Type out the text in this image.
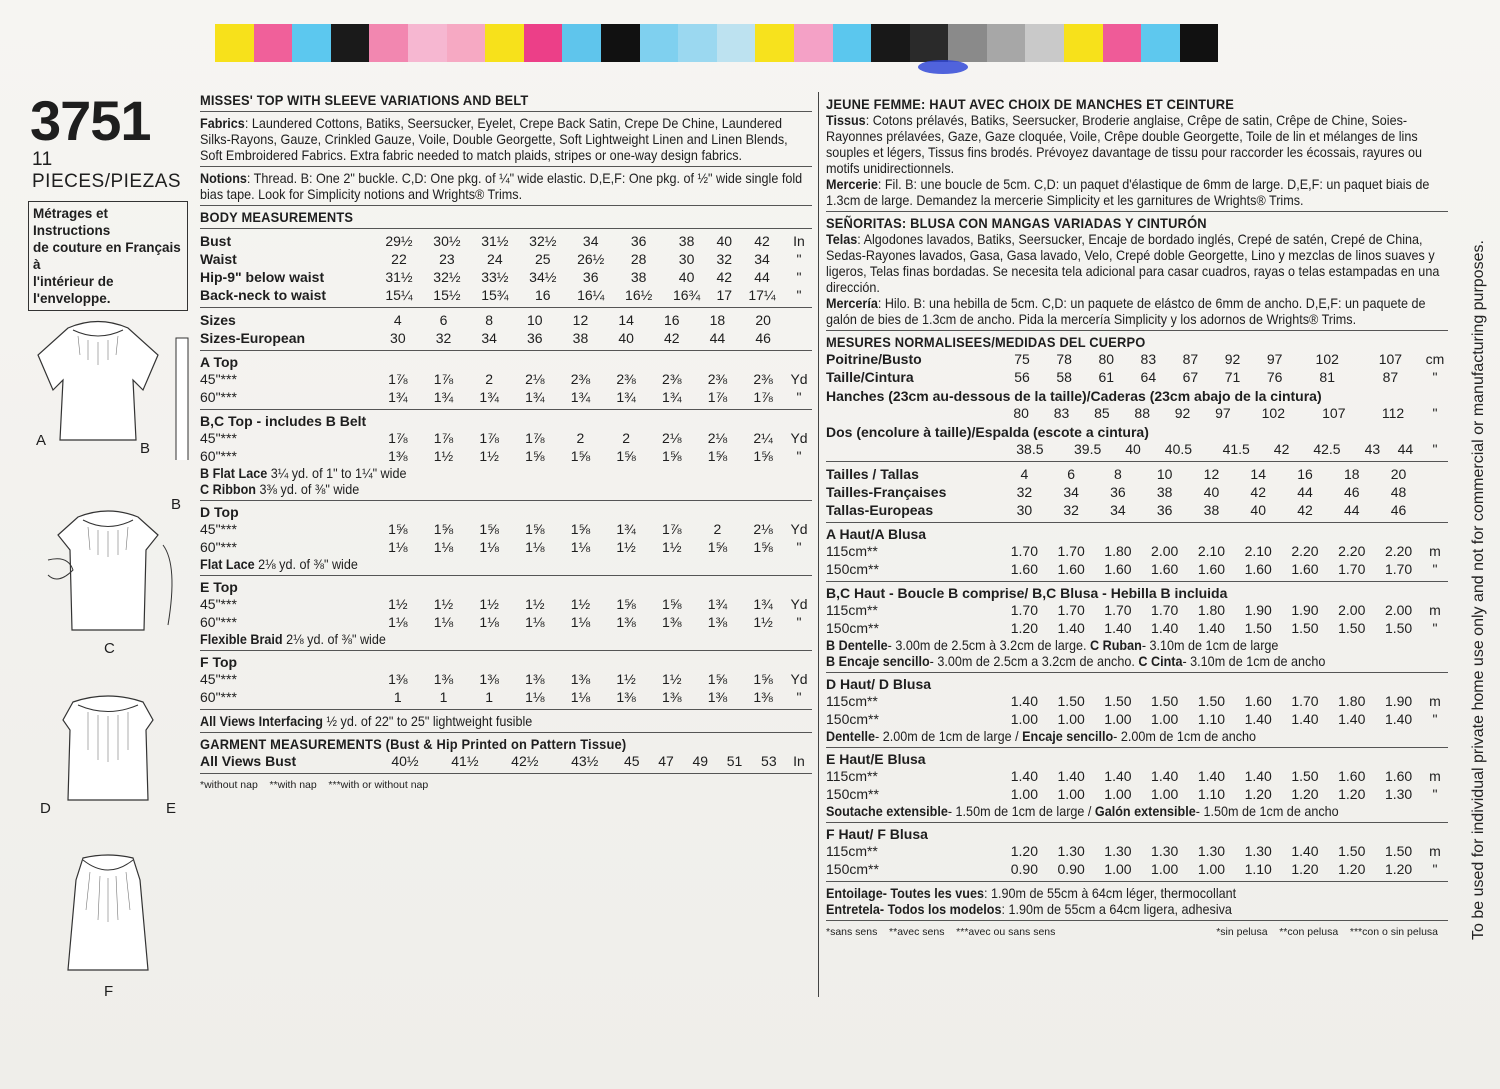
3751
11 PIECES/PIEZAS
Métrages et Instructions
de couture en Français à
l'intérieur de
l'enveloppe.
A	B
B
C
D	E
F
MISSES' TOP WITH SLEEVE VARIATIONS AND BELT
Fabrics: Laundered Cottons, Batiks, Seersucker, Eyelet, Crepe Back Satin, Crepe De Chine, Laundered Silks-Rayons, Gauze, Crinkled Gauze, Voile, Double Georgette, Soft Lightweight Linen and Linen Blends, Soft Embroidered Fabrics. Extra fabric needed to match plaids, stripes or one-way design fabrics.
Notions: Thread. B: One 2" buckle. C,D: One pkg. of ¼" wide elastic. D,E,F: One pkg. of ½" wide single fold bias tape. Look for Simplicity notions and Wrights® Trims.
BODY MEASUREMENTS
Bust	29½	30½	31½	32½	34	36	38	40	42	In
Waist	22	23	24	25	26½	28	30	32	34	"
Hip-9" below waist	31½	32½	33½	34½	36	38	40	42	44	"
Back-neck to waist	15¼	15½	15¾	16	16¼	16½	16¾	17	17¼	"
Sizes	4	6	8	10	12	14	16	18	20	
Sizes-European	30	32	34	36	38	40	42	44	46	
A Top
45"***	1⅞	1⅞	2	2⅛	2⅜	2⅜	2⅜	2⅜	2⅜	Yd
60"***	1¾	1¾	1¾	1¾	1¾	1¾	1¾	1⅞	1⅞	"
B,C Top - includes B Belt
45"***	1⅞	1⅞	1⅞	1⅞	2	2	2⅛	2⅛	2¼	Yd
60"***	1⅜	1½	1½	1⅝	1⅝	1⅝	1⅝	1⅝	1⅝	"
B Flat Lace 3¼ yd. of 1" to 1¼" wide
C Ribbon 3⅜ yd. of ⅜" wide
D Top
45"***	1⅝	1⅝	1⅝	1⅝	1⅝	1¾	1⅞	2	2⅛	Yd
60"***	1⅛	1⅛	1⅛	1⅛	1⅛	1½	1½	1⅝	1⅝	"
Flat Lace 2⅛ yd. of ⅜" wide
E Top
45"***	1½	1½	1½	1½	1½	1⅝	1⅝	1¾	1¾	Yd
60"***	1⅛	1⅛	1⅛	1⅛	1⅛	1⅜	1⅜	1⅜	1½	"
Flexible Braid 2⅛ yd. of ⅜" wide
F Top
45"***	1⅜	1⅜	1⅜	1⅜	1⅜	1½	1½	1⅝	1⅝	Yd
60"***	1	1	1	1⅛	1⅛	1⅜	1⅜	1⅜	1⅜	"
All Views Interfacing ½ yd. of 22" to 25" lightweight fusible
GARMENT MEASUREMENTS (Bust & Hip Printed on Pattern Tissue)
All Views Bust	40½	41½	42½	43½	45	47	49	51	53	In
*without nap    **with nap    ***with or without nap
JEUNE FEMME: HAUT AVEC CHOIX DE MANCHES ET CEINTURE
Tissus: Cotons prélavés, Batiks, Seersucker, Broderie anglaise, Crêpe de satin, Crêpe de Chine, Soies-Rayonnes prélavées, Gaze, Gaze cloquée, Voile, Crêpe double Georgette, Toile de lin et mélanges de lins souples et légers, Tissus fins brodés. Prévoyez davantage de tissu pour raccorder les écossais, rayures ou motifs unidirectionnels.
Mercerie: Fil. B: une boucle de 5cm. C,D: un paquet d'élastique de 6mm de large. D,E,F: un paquet biais de 1.3cm de large. Demandez la mercerie Simplicity et les garnitures de Wrights® Trims.
SEÑORITAS: BLUSA CON MANGAS VARIADAS Y CINTURÓN
Telas: Algodones lavados, Batiks, Seersucker, Encaje de bordado inglés, Crepé de satén, Crepé de China, Sedas-Rayones lavados, Gasa, Gasa lavado, Velo, Crepé doble Georgette, Lino y mezclas de linos suaves y ligeros, Telas finas bordadas. Se necesita tela adicional para casar cuadros, rayas o telas estampadas en una dirección.
Mercería: Hilo. B: una hebilla de 5cm. C,D: un paquete de elástco de 6mm de ancho. D,E,F: un paquete de galón de bies de 1.3cm de ancho. Pida la mercería Simplicity y los adornos de Wrights® Trims.
MESURES NORMALISEES/MEDIDAS DEL CUERPO
Poitrine/Busto	75	78	80	83	87	92	97	102	107	cm
Taille/Cintura	56	58	61	64	67	71	76	81	87	"
Hanches (23cm au-dessous de la taille)/Caderas (23cm abajo de la cintura)
	80	83	85	88	92	97	102	107	112	"
Dos (encolure à taille)/Espalda (escote a cintura)
	38.5	39.5	40	40.5	41.5	42	42.5	43	44	"
Tailles / Tallas	4	6	8	10	12	14	16	18	20	
Tailles-Françaises	32	34	36	38	40	42	44	46	48	
Tallas-Europeas	30	32	34	36	38	40	42	44	46	
A Haut/A Blusa
115cm**	1.70	1.70	1.80	2.00	2.10	2.10	2.20	2.20	2.20	m
150cm**	1.60	1.60	1.60	1.60	1.60	1.60	1.60	1.70	1.70	"
B,C Haut - Boucle B comprise/ B,C Blusa - Hebilla B incluida
115cm**	1.70	1.70	1.70	1.70	1.80	1.90	1.90	2.00	2.00	m
150cm**	1.20	1.40	1.40	1.40	1.40	1.50	1.50	1.50	1.50	"
B Dentelle- 3.00m de 2.5cm à 3.2cm de large. C Ruban- 3.10m de 1cm de large
B Encaje sencillo- 3.00m de 2.5cm a 3.2cm de ancho. C Cinta- 3.10m de 1cm de ancho
D Haut/ D Blusa
115cm**	1.40	1.50	1.50	1.50	1.50	1.60	1.70	1.80	1.90	m
150cm**	1.00	1.00	1.00	1.00	1.10	1.40	1.40	1.40	1.40	"
Dentelle- 2.00m de 1cm de large / Encaje sencillo- 2.00m de 1cm de ancho
E Haut/E Blusa
115cm**	1.40	1.40	1.40	1.40	1.40	1.40	1.50	1.60	1.60	m
150cm**	1.00	1.00	1.00	1.00	1.10	1.20	1.20	1.20	1.30	"
Soutache extensible- 1.50m de 1cm de large / Galón extensible- 1.50m de 1cm de ancho
F Haut/ F Blusa
115cm**	1.20	1.30	1.30	1.30	1.30	1.30	1.40	1.50	1.50	m
150cm**	0.90	0.90	1.00	1.00	1.00	1.10	1.20	1.20	1.20	"
Entoilage- Toutes les vues: 1.90m de 55cm à 64cm léger, thermocollant
Entretela- Todos los modelos: 1.90m de 55cm a 64cm ligera, adhesiva
*sans sens    **avec sens    ***avec ou sans sens	*sin pelusa    **con pelusa    ***con o sin pelusa To be used for individual private home use only and not for commercial or manufacturing purposes.
